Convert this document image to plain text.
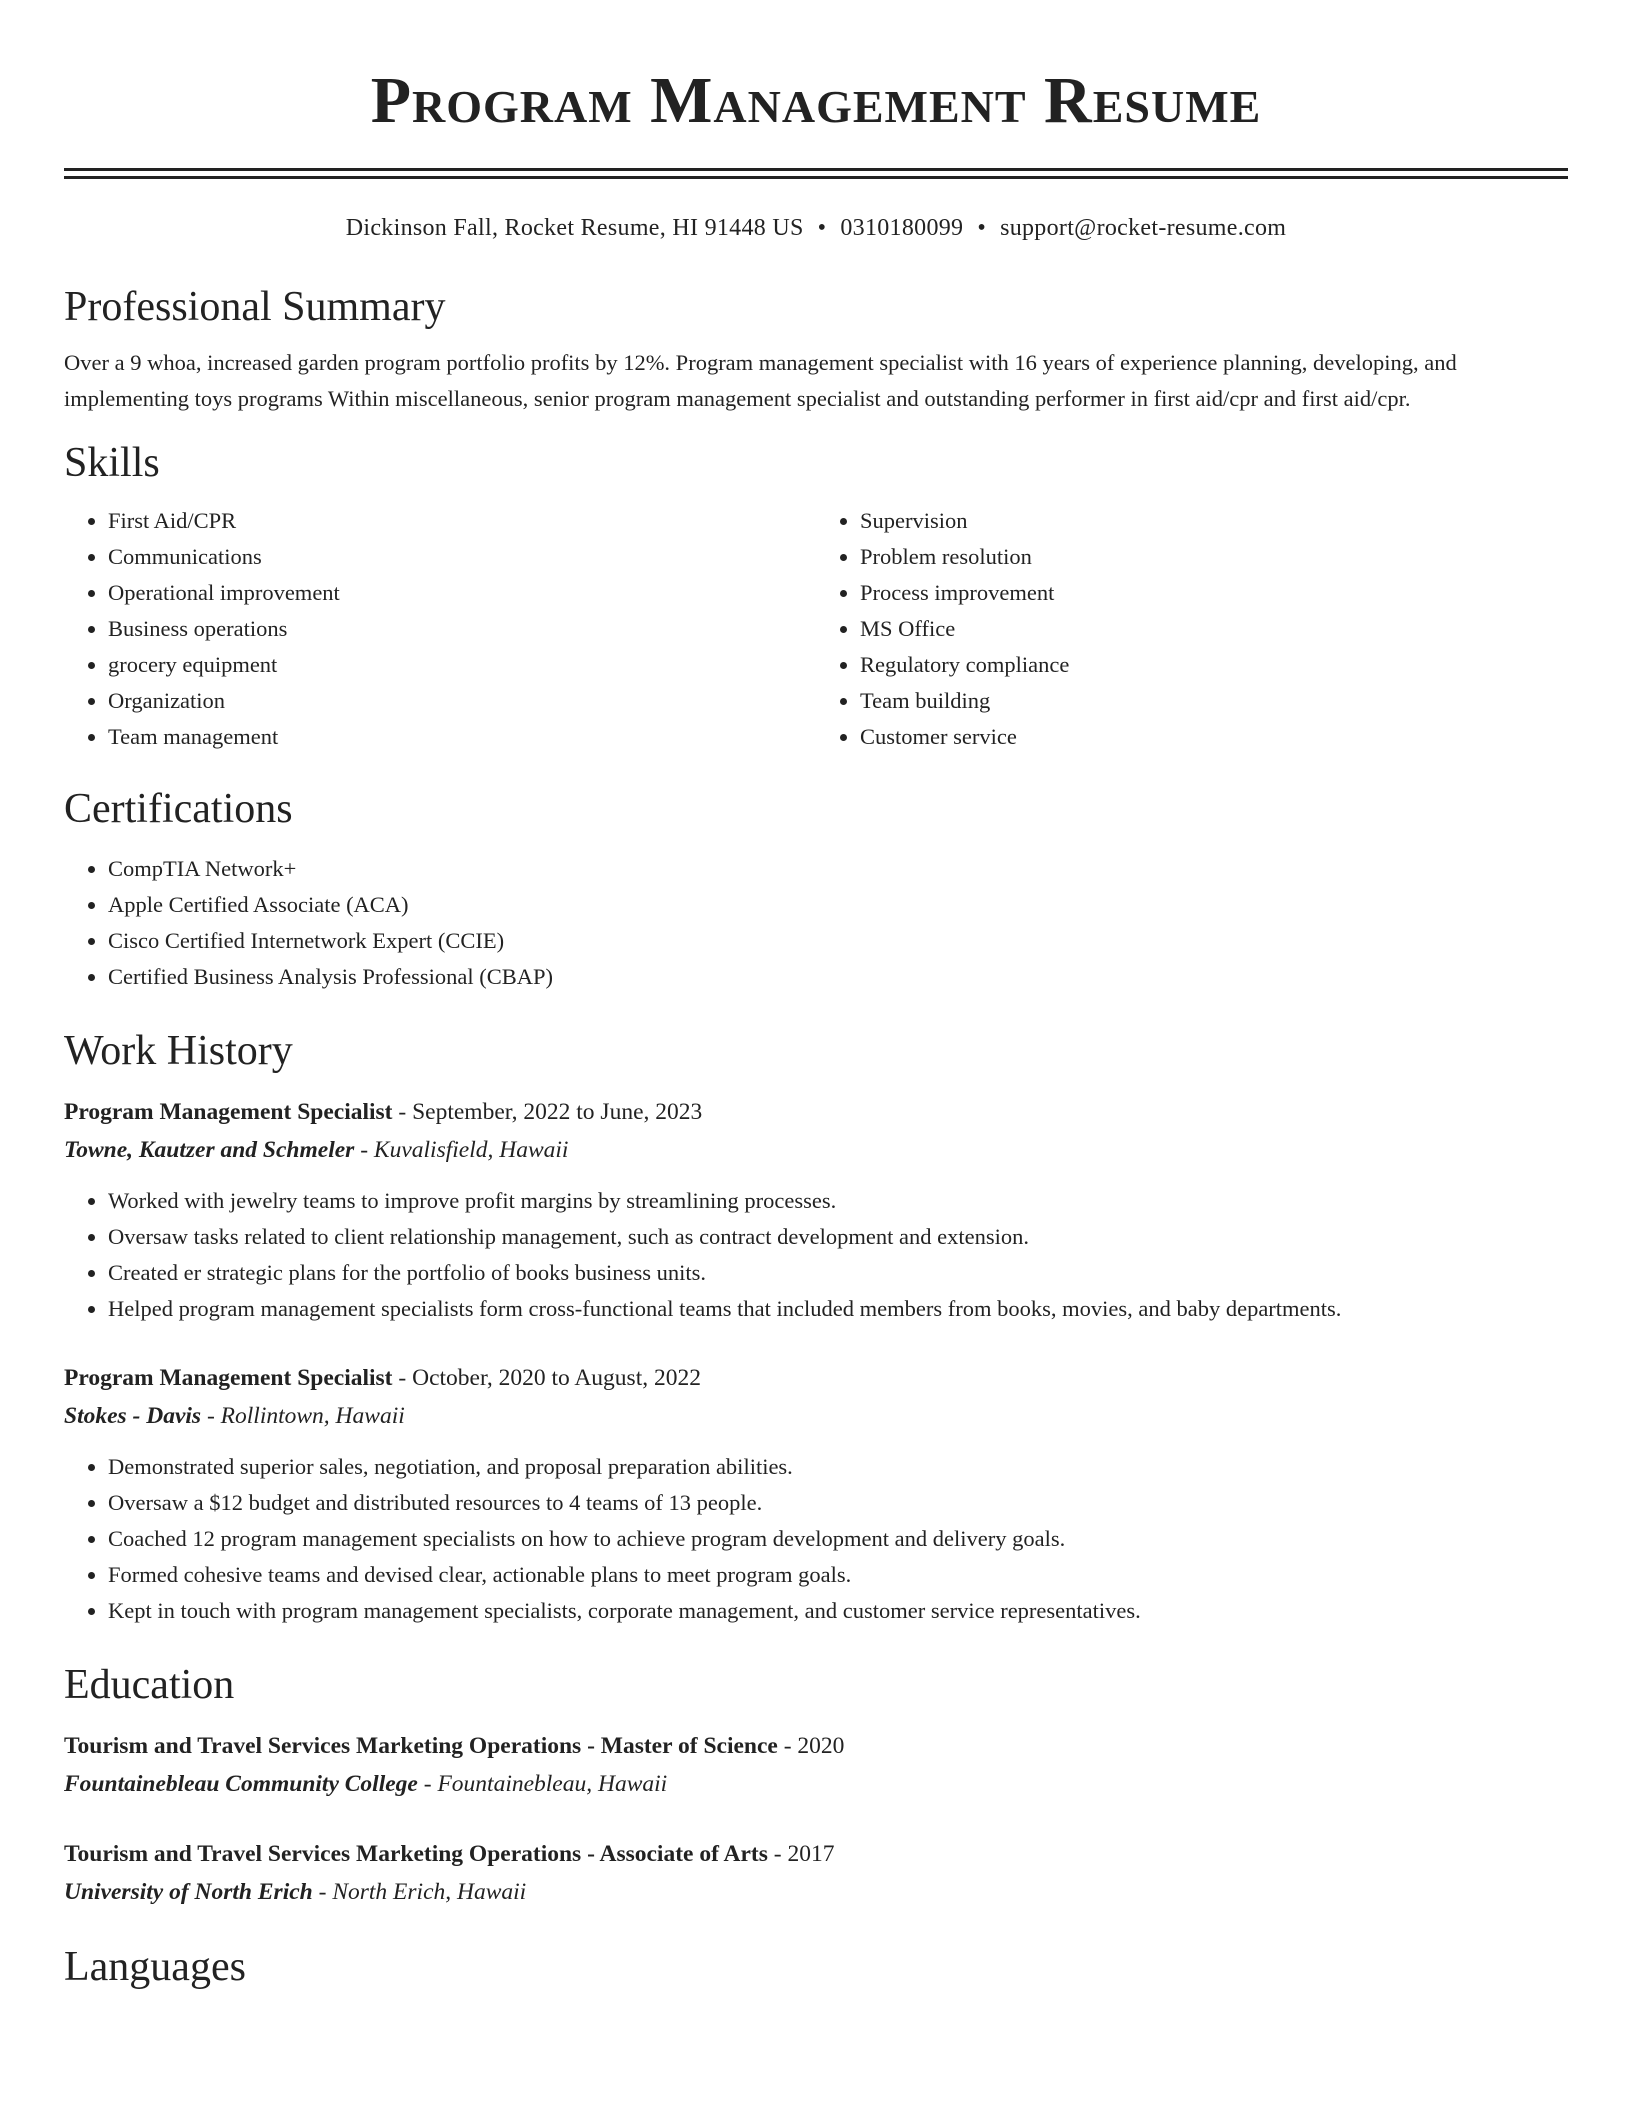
Program Management Resume
Dickinson Fall, Rocket Resume, HI 91448 US • 0310180099 • support@rocket-resume.com
Professional Summary

Over a 9 whoa, increased garden program portfolio profits by 12%. Program management specialist with 16 years of experience planning, developing, and implementing toys programs Within miscellaneous, senior program management specialist and outstanding performer in first aid/cpr and first aid/cpr.

Skills
• First Aid/CPR
• Communications
• Operational improvement
• Business operations
• grocery equipment
• Organization
• Team management
• Supervision
• Problem resolution
• Process improvement
• MS Office
• Regulatory compliance
• Team building
• Customer service
Certifications
• CompTIA Network+
• Apple Certified Associate (ACA)
• Cisco Certified Internetwork Expert (CCIE)
• Certified Business Analysis Professional (CBAP)
Work History
Program Management Specialist - September, 2022 to June, 2023
Towne, Kautzer and Schmeler - Kuvalisfield, Hawaii
• Worked with jewelry teams to improve profit margins by streamlining processes.
• Oversaw tasks related to client relationship management, such as contract development and extension.
• Created er strategic plans for the portfolio of books business units.
• Helped program management specialists form cross-functional teams that included members from books, movies, and baby departments.
Program Management Specialist - October, 2020 to August, 2022
Stokes - Davis - Rollintown, Hawaii
• Demonstrated superior sales, negotiation, and proposal preparation abilities.
• Oversaw a $12 budget and distributed resources to 4 teams of 13 people.
• Coached 12 program management specialists on how to achieve program development and delivery goals.
• Formed cohesive teams and devised clear, actionable plans to meet program goals.
• Kept in touch with program management specialists, corporate management, and customer service representatives.
Education
Tourism and Travel Services Marketing Operations - Master of Science - 2020
Fountainebleau Community College - Fountainebleau, Hawaii
Tourism and Travel Services Marketing Operations - Associate of Arts - 2017
University of North Erich - North Erich, Hawaii
Languages
